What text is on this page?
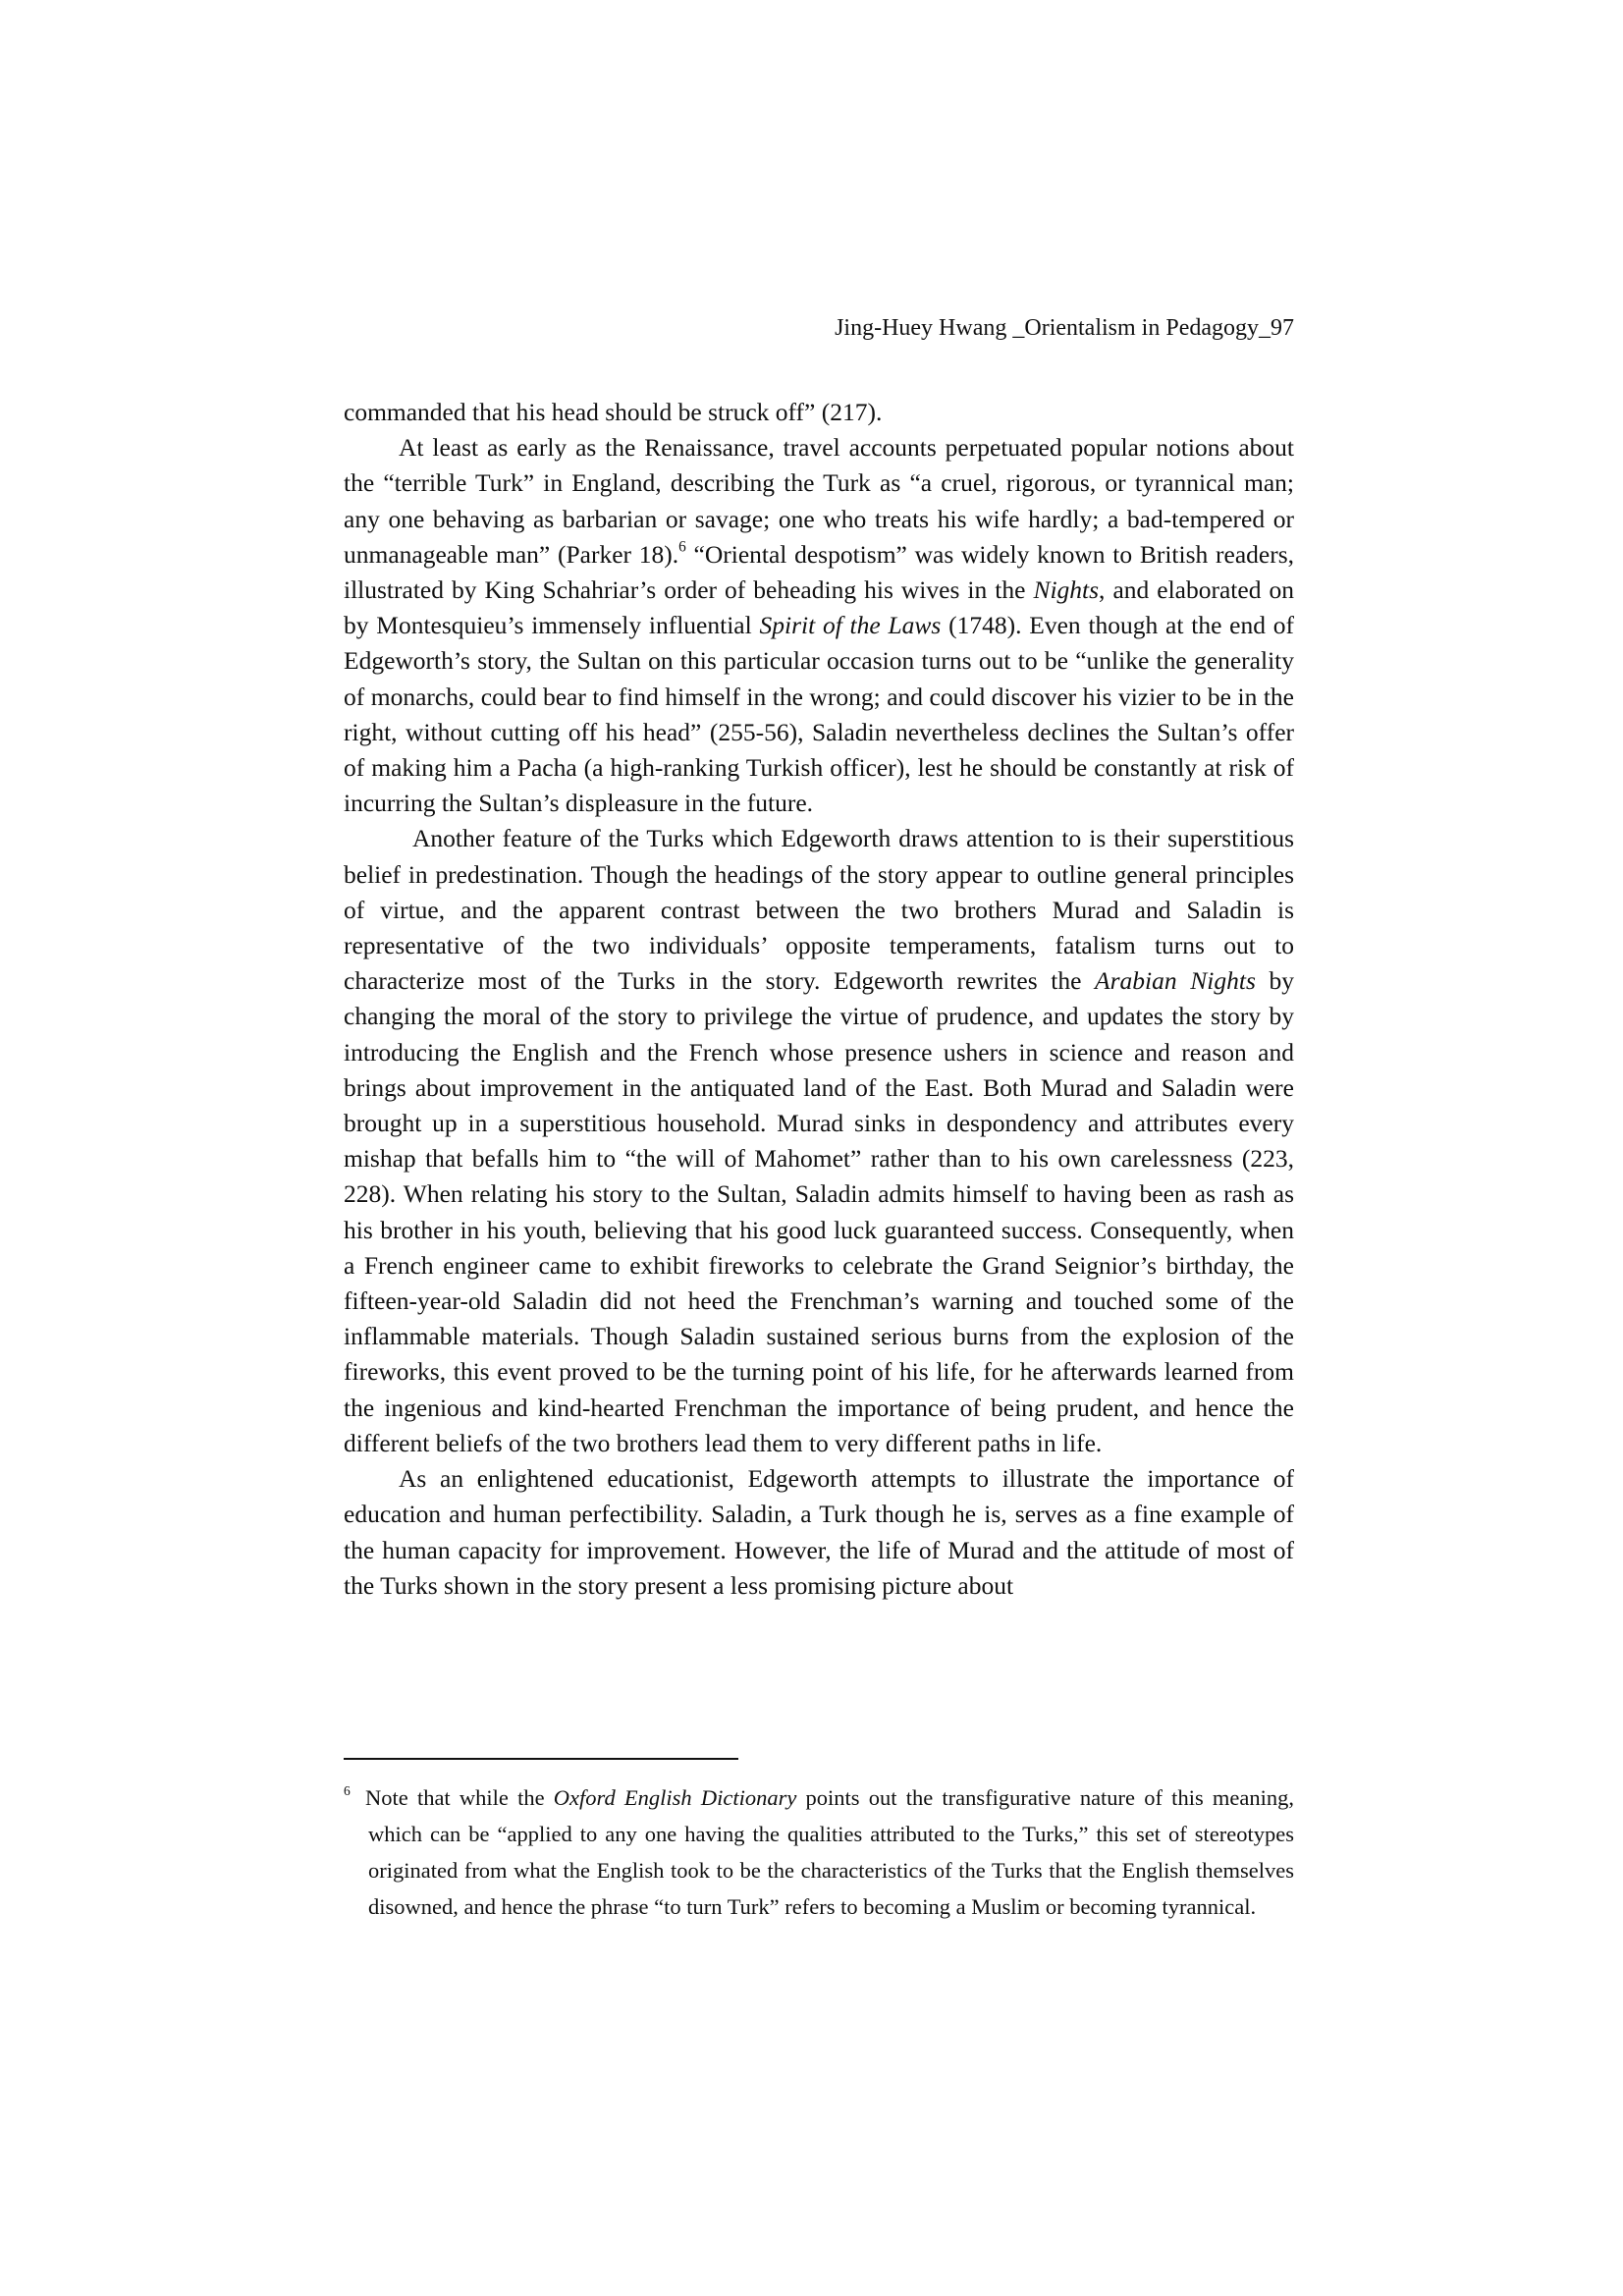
Jing-Huey Hwang _Orientalism in Pedagogy_97

commanded that his head should be struck off” (217).

At least as early as the Renaissance, travel accounts perpetuated popular notions about the “terrible Turk” in England, describing the Turk as “a cruel, rigorous, or tyrannical man; any one behaving as barbarian or savage; one who treats his wife hardly; a bad-tempered or unmanageable man” (Parker 18).$^6$ “Oriental despotism” was widely known to British readers, illustrated by King Schahriar’s order of beheading his wives in the Nights, and elaborated on by Montesquieu’s immensely influential Spirit of the Laws (1748). Even though at the end of Edgeworth’s story, the Sultan on this particular occasion turns out to be “unlike the generality of monarchs, could bear to find himself in the wrong; and could discover his vizier to be in the right, without cutting off his head” (255-56), Saladin nevertheless declines the Sultan’s offer of making him a Pacha (a high-ranking Turkish officer), lest he should be constantly at risk of incurring the Sultan’s displeasure in the future.

Another feature of the Turks which Edgeworth draws attention to is their superstitious belief in predestination. Though the headings of the story appear to outline general principles of virtue, and the apparent contrast between the two brothers Murad and Saladin is representative of the two individuals’ opposite temperaments, fatalism turns out to characterize most of the Turks in the story. Edgeworth rewrites the Arabian Nights by changing the moral of the story to privilege the virtue of prudence, and updates the story by introducing the English and the French whose presence ushers in science and reason and brings about improvement in the antiquated land of the East. Both Murad and Saladin were brought up in a superstitious household. Murad sinks in despondency and attributes every mishap that befalls him to “the will of Mahomet” rather than to his own carelessness (223, 228). When relating his story to the Sultan, Saladin admits himself to having been as rash as his brother in his youth, believing that his good luck guaranteed success. Consequently, when a French engineer came to exhibit fireworks to celebrate the Grand Seignior’s birthday, the fifteen-year-old Saladin did not heed the Frenchman’s warning and touched some of the inflammable materials. Though Saladin sustained serious burns from the explosion of the fireworks, this event proved to be the turning point of his life, for he afterwards learned from the ingenious and kind-hearted Frenchman the importance of being prudent, and hence the different beliefs of the two brothers lead them to very different paths in life.

As an enlightened educationist, Edgeworth attempts to illustrate the importance of education and human perfectibility. Saladin, a Turk though he is, serves as a fine example of the human capacity for improvement. However, the life of Murad and the attitude of most of the Turks shown in the story present a less promising picture about

$^6$ Note that while the Oxford English Dictionary points out the transfigurative nature of this meaning, which can be “applied to any one having the qualities attributed to the Turks,” this set of stereotypes originated from what the English took to be the characteristics of the Turks that the English themselves disowned, and hence the phrase “to turn Turk” refers to becoming a Muslim or becoming tyrannical.
